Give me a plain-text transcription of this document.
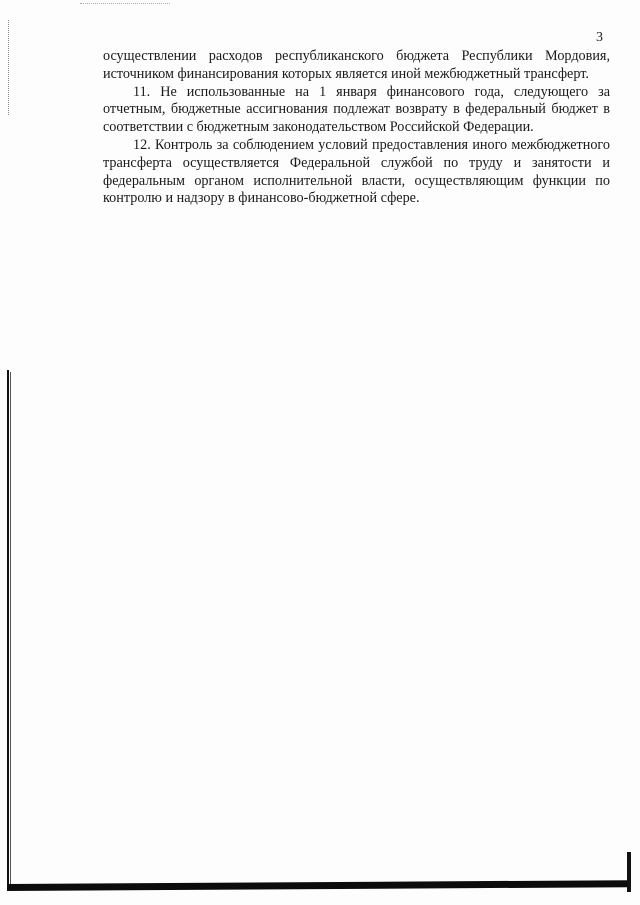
3

осуществлении расходов республиканского бюджета Республики Мордовия, источником финансирования которых является иной межбюджетный трансферт.

11. Не использованные на 1 января финансового года, следующего за отчетным, бюджетные ассигнования подлежат возврату в федеральный бюджет в соответствии с бюджетным законодательством Российской Федерации.

12. Контроль за соблюдением условий предоставления иного межбюджетного трансферта осуществляется Федеральной службой по труду и занятости и федеральным органом исполнительной власти, осуществляющим функции по контролю и надзору в финансово-бюджетной сфере.
